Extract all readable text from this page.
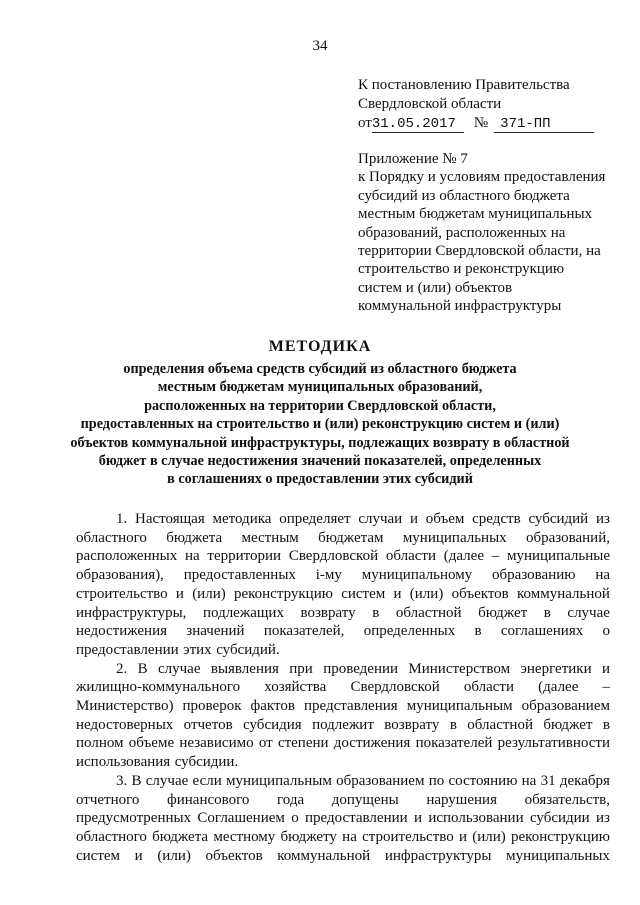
34
К постановлению Правительства
Свердловской области
от31.05.2017 № 371-ПП
Приложение № 7
к Порядку и условиям предоставления
субсидий из областного бюджета
местным бюджетам муниципальных
образований, расположенных на
территории Свердловской области, на
строительство и реконструкцию
систем и (или) объектов
коммунальной инфраструктуры
МЕТОДИКА
определения объема средств субсидий из областного бюджета
местным бюджетам муниципальных образований,
расположенных на территории Свердловской области,
предоставленных на строительство и (или) реконструкцию систем и (или)
объектов коммунальной инфраструктуры, подлежащих возврату в областной
бюджет в случае недостижения значений показателей, определенных
в соглашениях о предоставлении этих субсидий
1. Настоящая методика определяет случаи и объем средств субсидий из
областного бюджета местным бюджетам муниципальных образований,
расположенных на территории Свердловской области (далее – муниципальные
образования), предоставленных i-му муниципальному образованию на
строительство и (или) реконструкцию систем и (или) объектов коммунальной
инфраструктуры, подлежащих возврату в областной бюджет в случае
недостижения значений показателей, определенных в соглашениях о
предоставлении этих субсидий.
2. В случае выявления при проведении Министерством энергетики и
жилищно-коммунального хозяйства Свердловской области (далее –
Министерство) проверок фактов представления муниципальным образованием
недостоверных отчетов субсидия подлежит возврату в областной бюджет в
полном объеме независимо от степени достижения показателей результативности
использования субсидии.
3. В случае если муниципальным образованием по состоянию на 31 декабря
отчетного финансового года допущены нарушения обязательств,
предусмотренных Соглашением о предоставлении и использовании субсидии из
областного бюджета местному бюджету на строительство и (или) реконструкцию
систем и (или) объектов коммунальной инфраструктуры муниципальных
